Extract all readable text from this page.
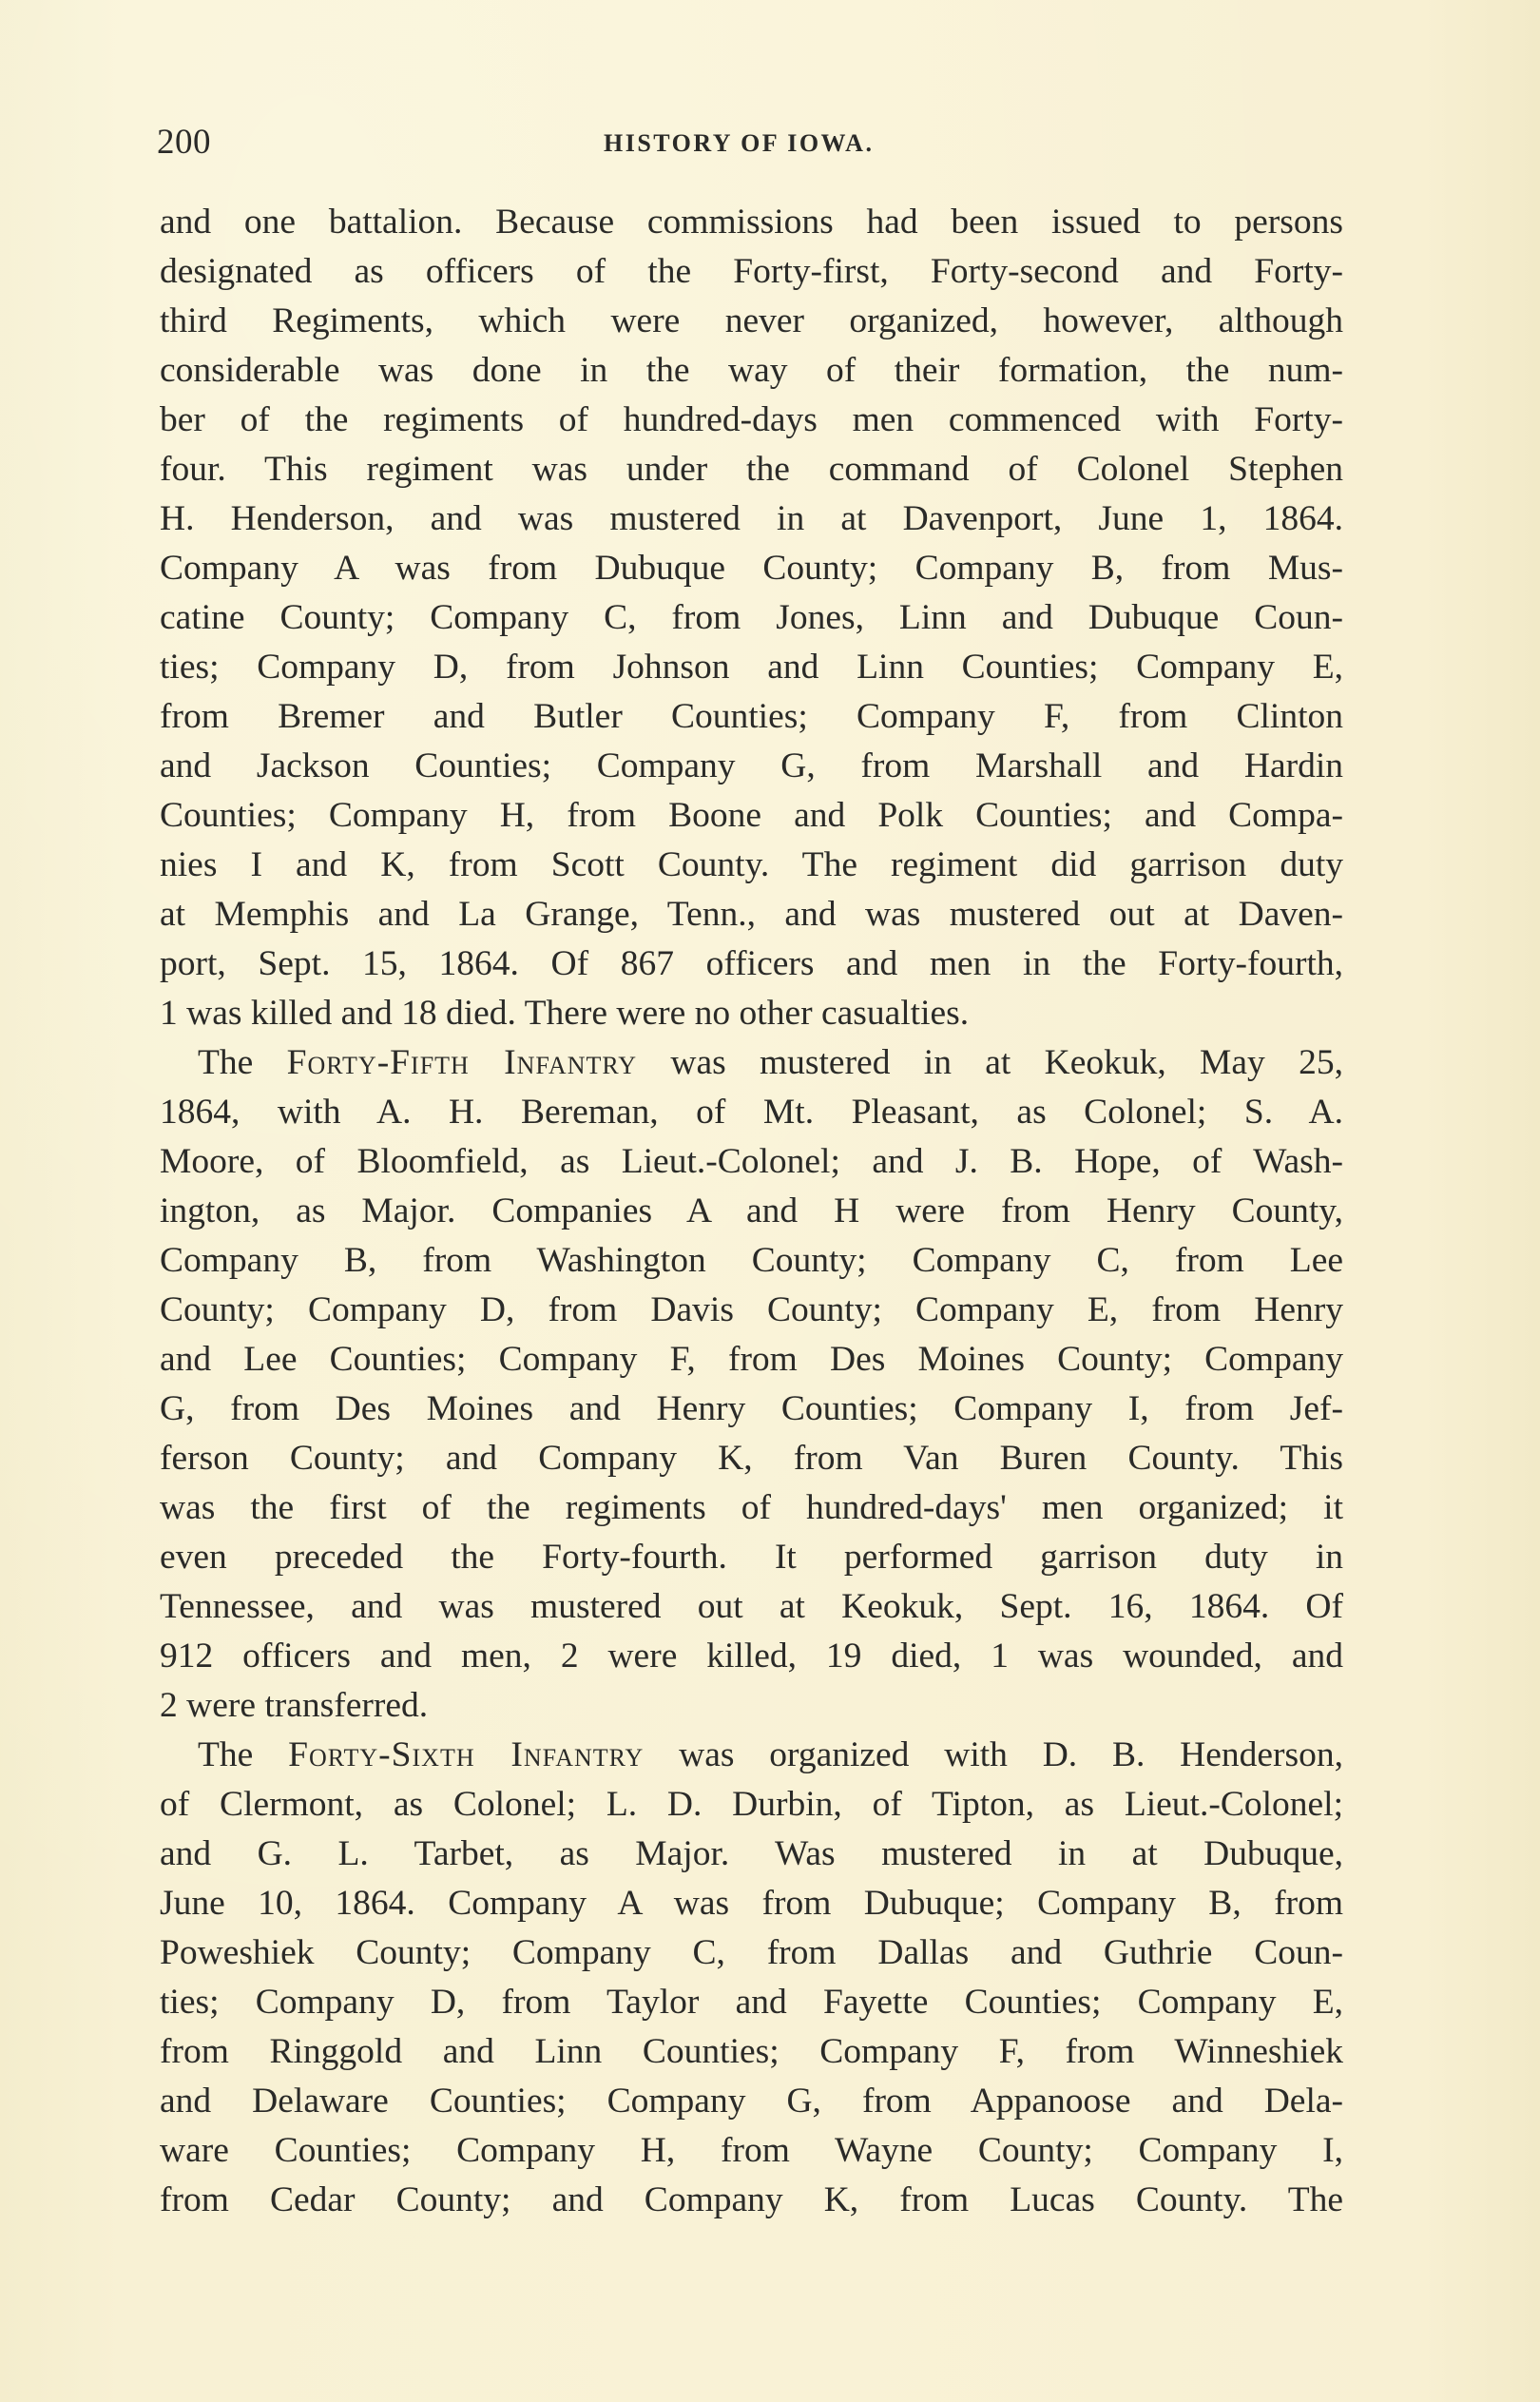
200	HISTORY OF IOWA.
and one battalion. Because commissions had been issued to persons
designated as officers of the Forty-first, Forty-second and Forty-
third Regiments, which were never organized, however, although
considerable was done in the way of their formation, the num-
ber of the regiments of hundred-days men commenced with Forty-
four. This regiment was under the command of Colonel Stephen
H. Henderson, and was mustered in at Davenport, June 1, 1864.
Company A was from Dubuque County; Company B, from Mus-
catine County; Company C, from Jones, Linn and Dubuque Coun-
ties; Company D, from Johnson and Linn Counties; Company E,
from Bremer and Butler Counties; Company F, from Clinton
and Jackson Counties; Company G, from Marshall and Hardin
Counties; Company H, from Boone and Polk Counties; and Compa-
nies I and K, from Scott County. The regiment did garrison duty
at Memphis and La Grange, Tenn., and was mustered out at Daven-
port, Sept. 15, 1864. Of 867 officers and men in the Forty-fourth,
1 was killed and 18 died. There were no other casualties.
The Forty-Fifth Infantry was mustered in at Keokuk, May 25,
1864, with A. H. Bereman, of Mt. Pleasant, as Colonel; S. A.
Moore, of Bloomfield, as Lieut.-Colonel; and J. B. Hope, of Wash-
ington, as Major. Companies A and H were from Henry County,
Company B, from Washington County; Company C, from Lee
County; Company D, from Davis County; Company E, from Henry
and Lee Counties; Company F, from Des Moines County; Company
G, from Des Moines and Henry Counties; Company I, from Jef-
ferson County; and Company K, from Van Buren County. This
was the first of the regiments of hundred-days' men organized; it
even preceded the Forty-fourth. It performed garrison duty in
Tennessee, and was mustered out at Keokuk, Sept. 16, 1864. Of
912 officers and men, 2 were killed, 19 died, 1 was wounded, and
2 were transferred.
The Forty-Sixth Infantry was organized with D. B. Henderson,
of Clermont, as Colonel; L. D. Durbin, of Tipton, as Lieut.-Colonel;
and G. L. Tarbet, as Major. Was mustered in at Dubuque,
June 10, 1864. Company A was from Dubuque; Company B, from
Poweshiek County; Company C, from Dallas and Guthrie Coun-
ties; Company D, from Taylor and Fayette Counties; Company E,
from Ringgold and Linn Counties; Company F, from Winneshiek
and Delaware Counties; Company G, from Appanoose and Dela-
ware Counties; Company H, from Wayne County; Company I,
from Cedar County; and Company K, from Lucas County. The
